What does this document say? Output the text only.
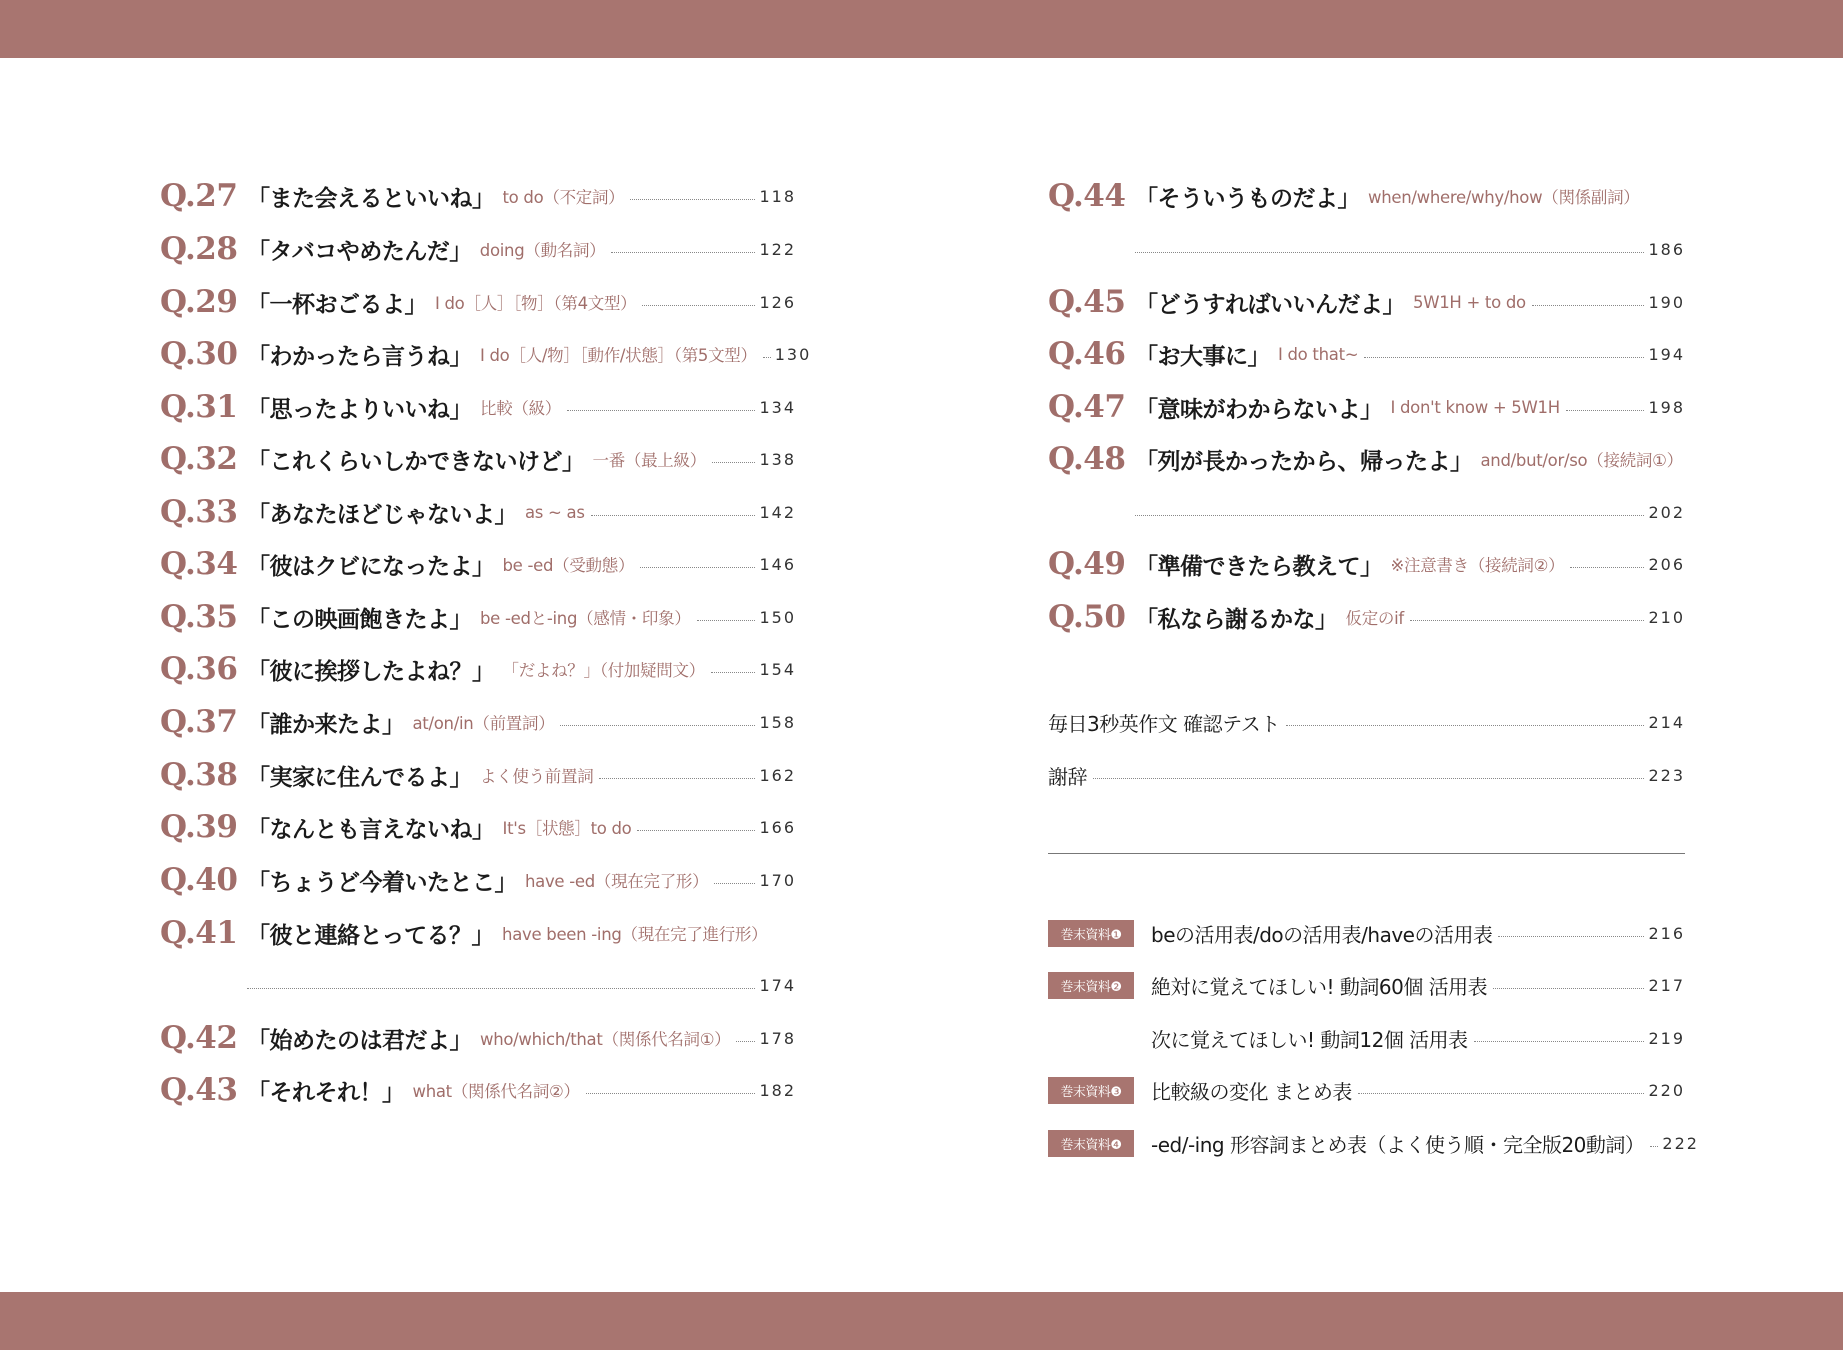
Q.27 「また会えるといいね」 to do（不定詞）	118
Q.28 「タバコやめたんだ」 doing（動名詞）	122
Q.29 「一杯おごるよ」 I do［人］［物］（第4文型）	126
Q.30 「わかったら言うね」 I do［人/物］［動作/状態］（第5文型） 130
Q.31 「思ったよりいいね」 比較（級）	134
Q.32 「これくらいしかできないけど」 一番（最上級）	138
Q.33 「あなたほどじゃないよ」 as ~ as	142
Q.34 「彼はクビになったよ」 be -ed（受動態）	146
Q.35 「この映画飽きたよ」 be -edと-ing（感情・印象）	150
Q.36 「彼に挨拶したよね？」 「だよね？」（付加疑問文）	154
Q.37 「誰か来たよ」 at/on/in（前置詞）	158
Q.38 「実家に住んでるよ」 よく使う前置詞	162
Q.39 「なんとも言えないね」 It's［状態］to do	166
Q.40 「ちょうど今着いたとこ」 have -ed（現在完了形）	170
Q.41 「彼と連絡とってる？」 have been -ing（現在完了進行形）
174
Q.42 「始めたのは君だよ」 who/which/that（関係代名詞①） 178
Q.43 「それそれ！」 what（関係代名詞②）	182
Q.44 「そういうものだよ」 when/where/why/how（関係副詞）
186
Q.45 「どうすればいいんだよ」 5W1H + to do	190
Q.46 「お大事に」 I do that~	194
Q.47 「意味がわからないよ」 I don't know + 5W1H	198
Q.48 「列が長かったから、帰ったよ」 and/but/or/so（接続詞①）
202
Q.49 「準備できたら教えて」 ※注意書き（接続詞②）	206
Q.50 「私なら謝るかな」 仮定のif	210
毎日3秒英作文 確認テスト	214
謝辞	223
巻末資料❶	beの活用表/doの活用表/haveの活用表	216
巻末資料❷	絶対に覚えてほしい! 動詞60個 活用表	217
次に覚えてほしい! 動詞12個 活用表	219
巻末資料❸	比較級の変化 まとめ表	220
巻末資料❹	-ed/-ing 形容詞まとめ表（よく使う順・完全版20動詞） 222
